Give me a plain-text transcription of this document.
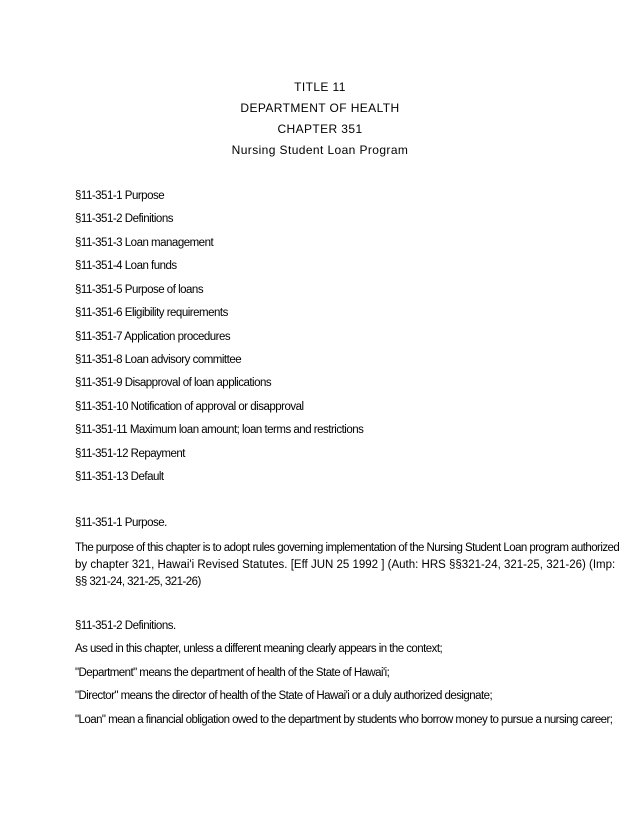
TITLE 11
DEPARTMENT OF HEALTH
CHAPTER 351
Nursing Student Loan Program
§11-351-1 Purpose
§11-351-2 Definitions
§11-351-3 Loan management
§11-351-4 Loan funds
§11-351-5 Purpose of loans
§11-351-6 Eligibility requirements
§11-351-7 Application procedures
§11-351-8 Loan advisory committee
§11-351-9 Disapproval of loan applications
§11-351-10 Notification of approval or disapproval
§11-351-11 Maximum loan amount; loan terms and restrictions
§11-351-12 Repayment
§11-351-13 Default
§11-351-1 Purpose.
The purpose of this chapter is to adopt rules governing implementation of the Nursing Student Loan program authorized by chapter 321, Hawai'i Revised Statutes. [Eff JUN 25 1992 ] (Auth: HRS §§321-24, 321-25, 321-26) (Imp: §§ 321-24, 321-25, 321-26)
§11-351-2 Definitions.
As used in this chapter, unless a different meaning clearly appears in the context;
"Department" means the department of health of the State of Hawai'i;
"Director" means the director of health of the State of Hawai'i or a duly authorized designate;
"Loan" mean a financial obligation owed to the department by students who borrow money to pursue a nursing career;
